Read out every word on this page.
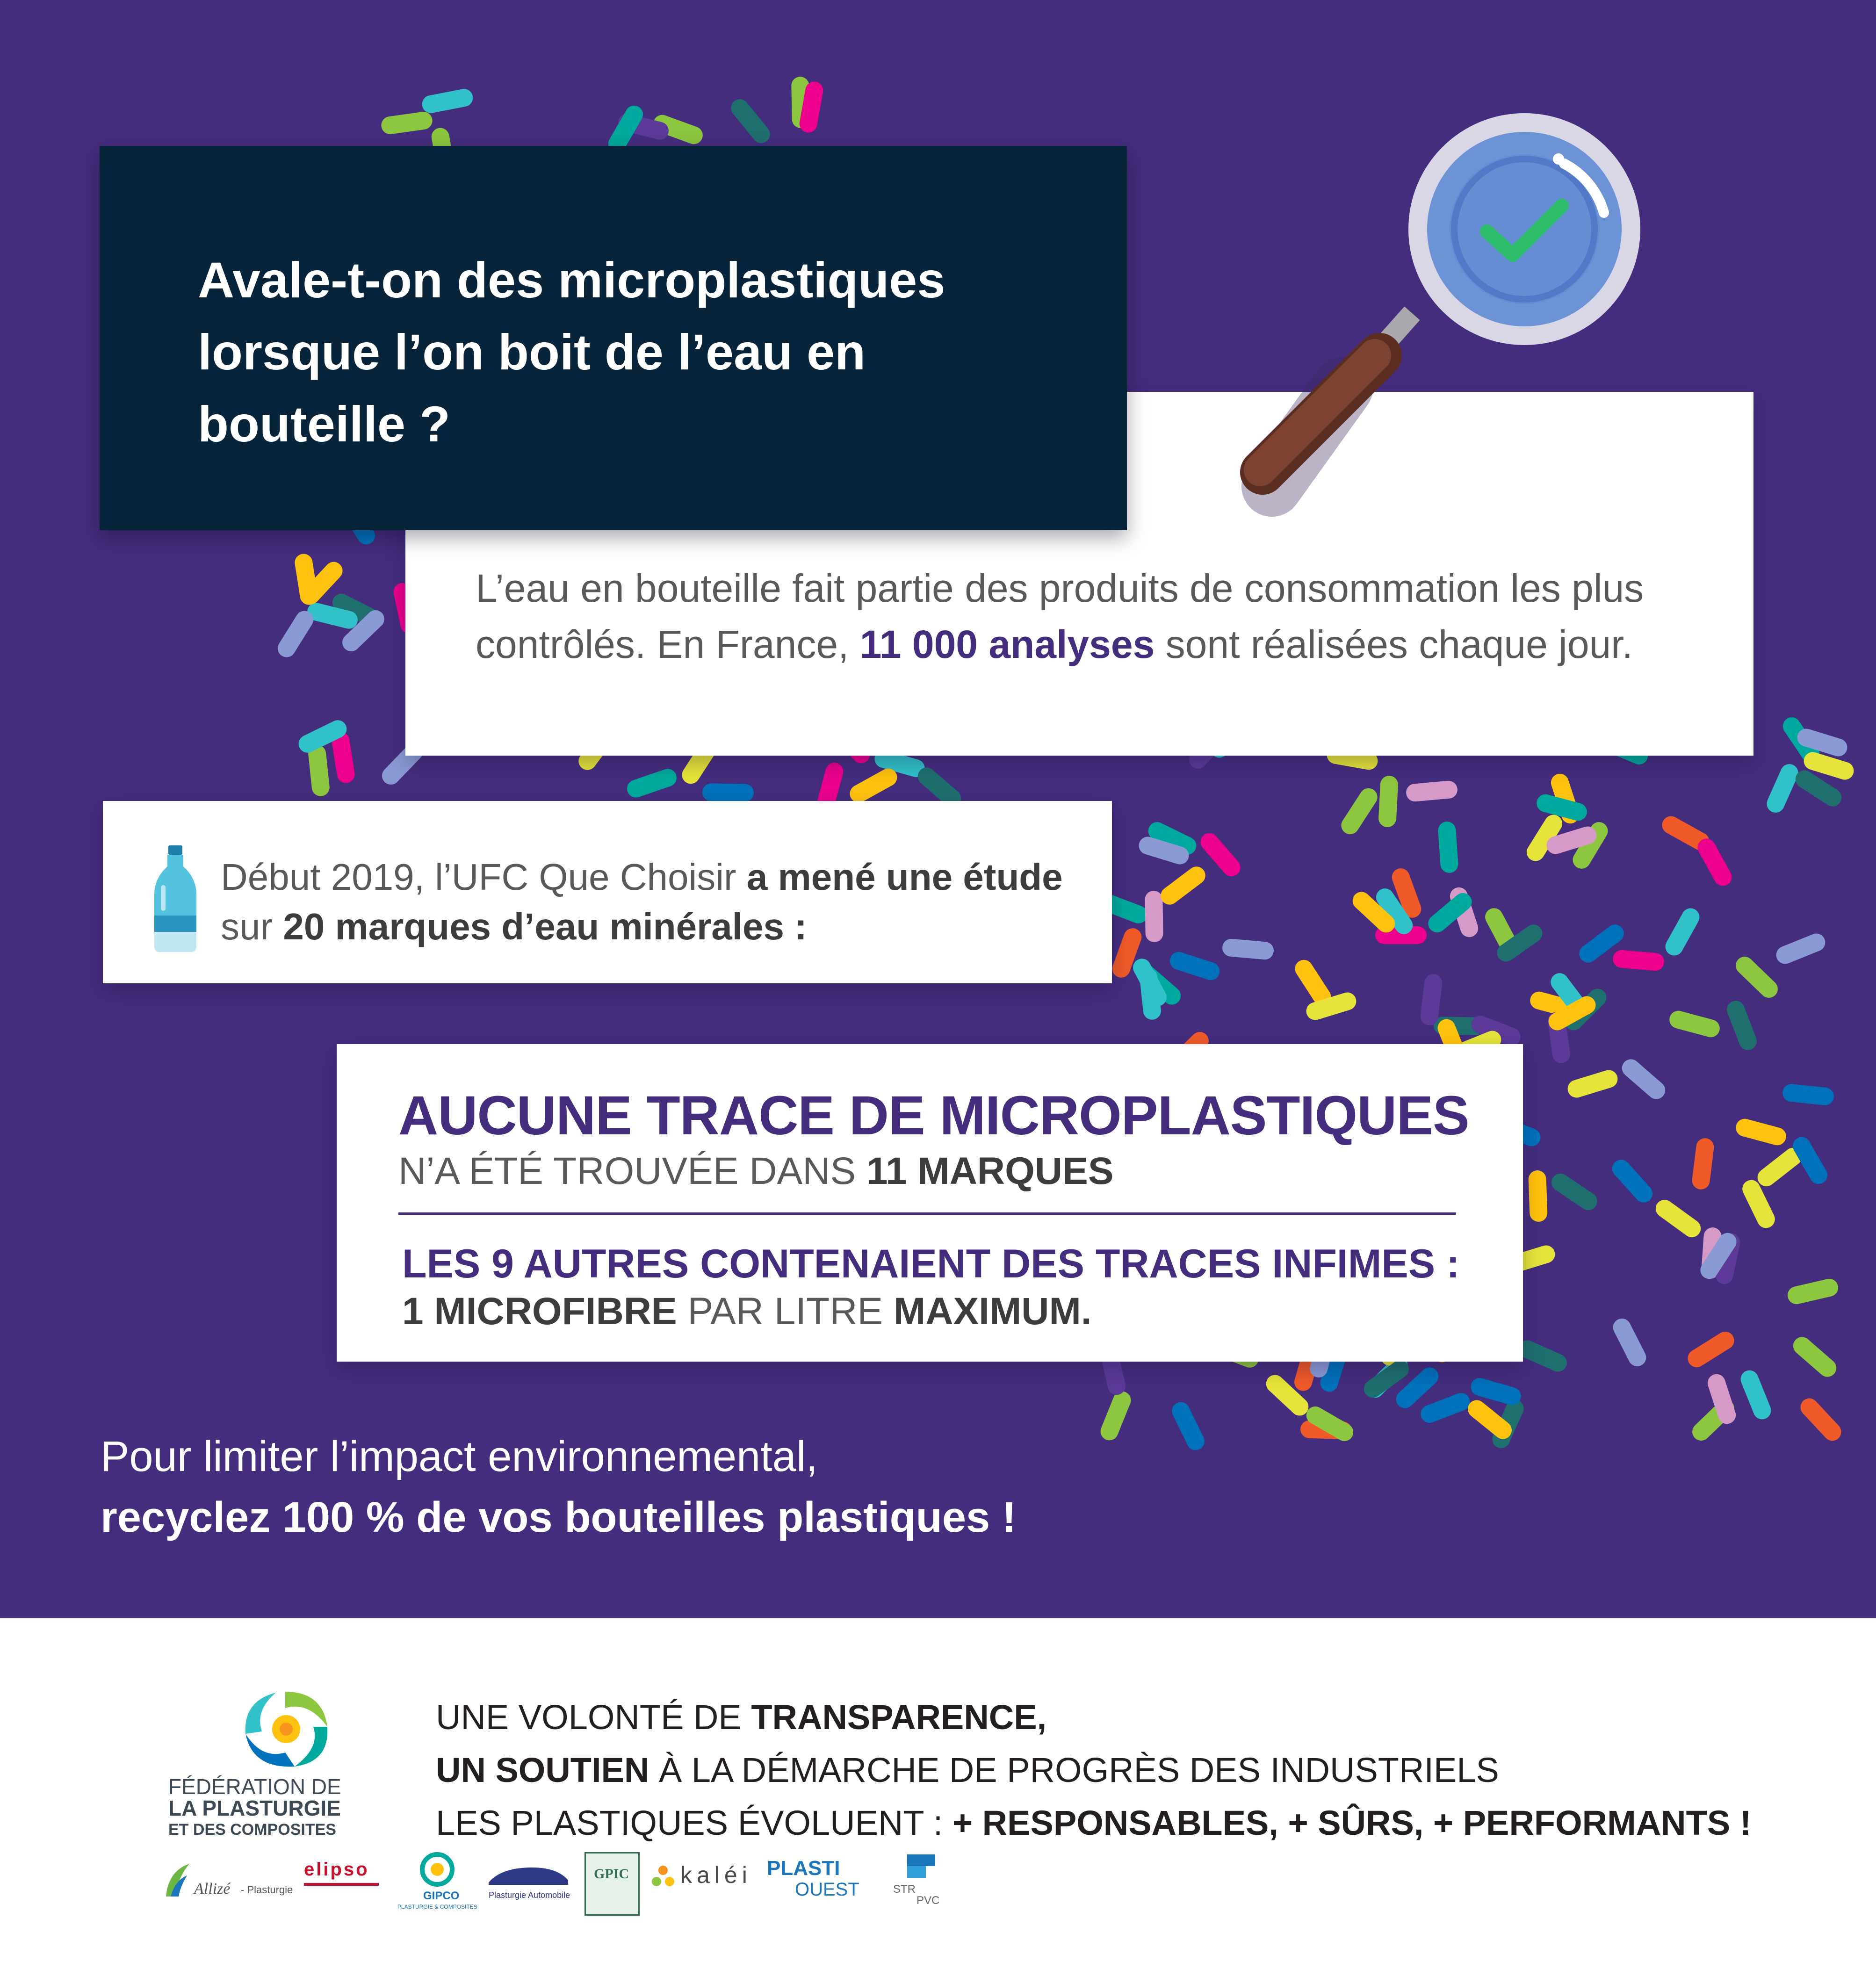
Avale-t-on des microplastiques
lorsque l’on boit de l’eau en
bouteille ?
L’eau en bouteille fait partie des produits de consommation les plus contrôlés. En France, 11 000 analyses sont réalisées chaque jour.
Début 2019, l’UFC Que Choisir a mené une étude
sur 20 marques d’eau minérales :
AUCUNE TRACE DE MICROPLASTIQUES
N’A ÉTÉ TROUVÉE DANS 11 MARQUES
LES 9 AUTRES CONTENAIENT DES TRACES INFIMES :
1 MICROFIBRE PAR LITRE MAXIMUM.
Pour limiter l’impact environnemental,
recyclez 100 % de vos bouteilles plastiques !
FÉDÉRATION DE
LA PLASTURGIE
ET DES COMPOSITES
UNE VOLONTÉ DE TRANSPARENCE,
UN SOUTIEN À LA DÉMARCHE DE PROGRÈS DES INDUSTRIELS
LES PLASTIQUES ÉVOLUENT : + RESPONSABLES, + SÛRS, + PERFORMANTS !
Allizé - Plasturgie
elipso
GIPCO
PLASTURGIE & COMPOSITES
Plasturgie Automobile
GPIC kaléi PLASTI
OUEST	STR
PVC
